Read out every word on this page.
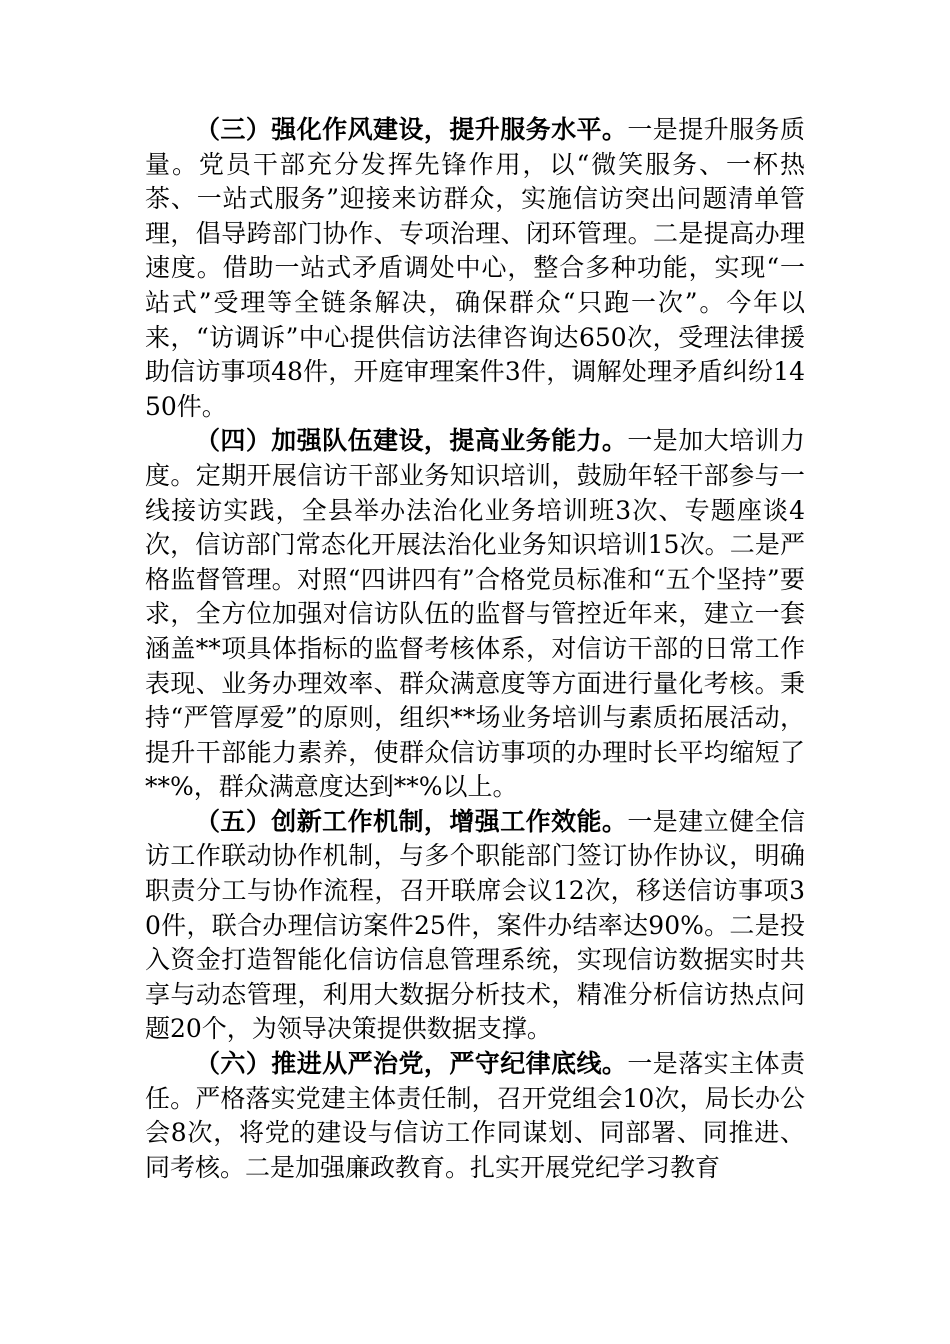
（三）强化作风建设，提升服务水平。一是提升服务质量。党员干部充分发挥先锋作用，以“微笑服务、一杯热茶、一站式服务”迎接来访群众，实施信访突出问题清单管理，倡导跨部门协作、专项治理、闭环管理。二是提高办理速度。借助一站式矛盾调处中心，整合多种功能，实现“一站式”受理等全链条解决，确保群众“只跑一次”。今年以来，“访调诉”中心提供信访法律咨询达650次，受理法律援助信访事项48件，开庭审理案件3件，调解处理矛盾纠纷1450件。

（四）加强队伍建设，提高业务能力。一是加大培训力度。定期开展信访干部业务知识培训，鼓励年轻干部参与一线接访实践，全县举办法治化业务培训班3次、专题座谈4次，信访部门常态化开展法治化业务知识培训15次。二是严格监督管理。对照“四讲四有”合格党员标准和“五个坚持”要求，全方位加强对信访队伍的监督与管控近年来，建立一套涵盖**项具体指标的监督考核体系，对信访干部的日常工作表现、业务办理效率、群众满意度等方面进行量化考核。秉持“严管厚爱”的原则，组织**场业务培训与素质拓展活动，提升干部能力素养，使群众信访事项的办理时长平均缩短了**%，群众满意度达到**%以上。

（五）创新工作机制，增强工作效能。一是建立健全信访工作联动协作机制，与多个职能部门签订协作协议，明确职责分工与协作流程，召开联席会议12次，移送信访事项30件，联合办理信访案件25件，案件办结率达90%。二是投入资金打造智能化信访信息管理系统，实现信访数据实时共享与动态管理，利用大数据分析技术，精准分析信访热点问题20个，为领导决策提供数据支撑。

（六）推进从严治党，严守纪律底线。一是落实主体责任。严格落实党建主体责任制，召开党组会10次，局长办公会8次，将党的建设与信访工作同谋划、同部署、同推进、同考核。二是加强廉政教育。扎实开展党纪学习教育
